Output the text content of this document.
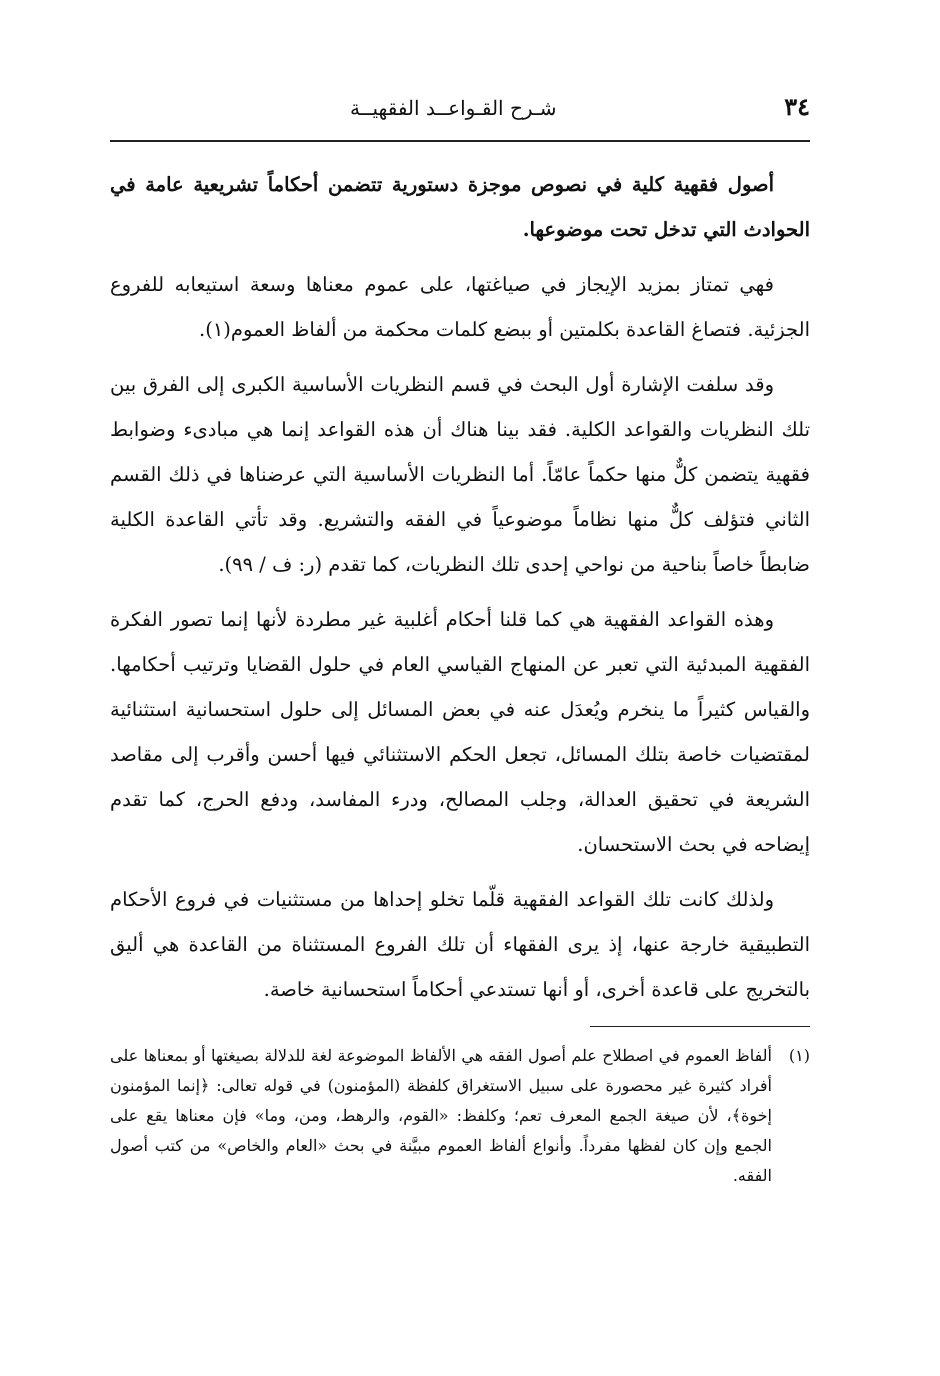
٣٤
شـرح القـواعــد الفقهيــة

أصول فقهية كلية في نصوص موجزة دستورية تتضمن أحكاماً تشريعية عامة في الحوادث التي تدخل تحت موضوعها.

فهي تمتاز بمزيد الإيجاز في صياغتها، على عموم معناها وسعة استيعابه للفروع الجزئية. فتصاغ القاعدة بكلمتين أو ببضع كلمات محكمة من ألفاظ العموم(١).

وقد سلفت الإشارة أول البحث في قسم النظريات الأساسية الكبرى إلى الفرق بين تلك النظريات والقواعد الكلية. فقد بينا هناك أن هذه القواعد إنما هي مبادىء وضوابط فقهية يتضمن كلٌّ منها حكماً عامّاً. أما النظريات الأساسية التي عرضناها في ذلك القسم الثاني فتؤلف كلٌّ منها نظاماً موضوعياً في الفقه والتشريع. وقد تأتي القاعدة الكلية ضابطاً خاصاً بناحية من نواحي إحدى تلك النظريات، كما تقدم (ر: ف / ٩٩).

وهذه القواعد الفقهية هي كما قلنا أحكام أغلبية غير مطردة لأنها إنما تصور الفكرة الفقهية المبدئية التي تعبر عن المنهاج القياسي العام في حلول القضايا وترتيب أحكامها. والقياس كثيراً ما ينخرم ويُعدَل عنه في بعض المسائل إلى حلول استحسانية استثنائية لمقتضيات خاصة بتلك المسائل، تجعل الحكم الاستثنائي فيها أحسن وأقرب إلى مقاصد الشريعة في تحقيق العدالة، وجلب المصالح، ودرء المفاسد، ودفع الحرج، كما تقدم إيضاحه في بحث الاستحسان.

ولذلك كانت تلك القواعد الفقهية قلّما تخلو إحداها من مستثنيات في فروع الأحكام التطبيقية خارجة عنها، إذ يرى الفقهاء أن تلك الفروع المستثناة من القاعدة هي أليق بالتخريج على قاعدة أخرى، أو أنها تستدعي أحكاماً استحسانية خاصة.

(١)
ألفاظ العموم في اصطلاح علم أصول الفقه هي الألفاظ الموضوعة لغة للدلالة بصيغتها أو بمعناها على أفراد كثيرة غير محصورة على سبيل الاستغراق كلفظة (المؤمنون) في قوله تعالى: ﴿إنما المؤمنون إخوة﴾، لأن صيغة الجمع المعرف تعم؛ وكلفظ: «القوم، والرهط، ومن، وما» فإن معناها يقع على الجمع وإن كان لفظها مفرداً. وأنواع ألفاظ العموم مبيَّنة في بحث «العام والخاص» من كتب أصول الفقه.
